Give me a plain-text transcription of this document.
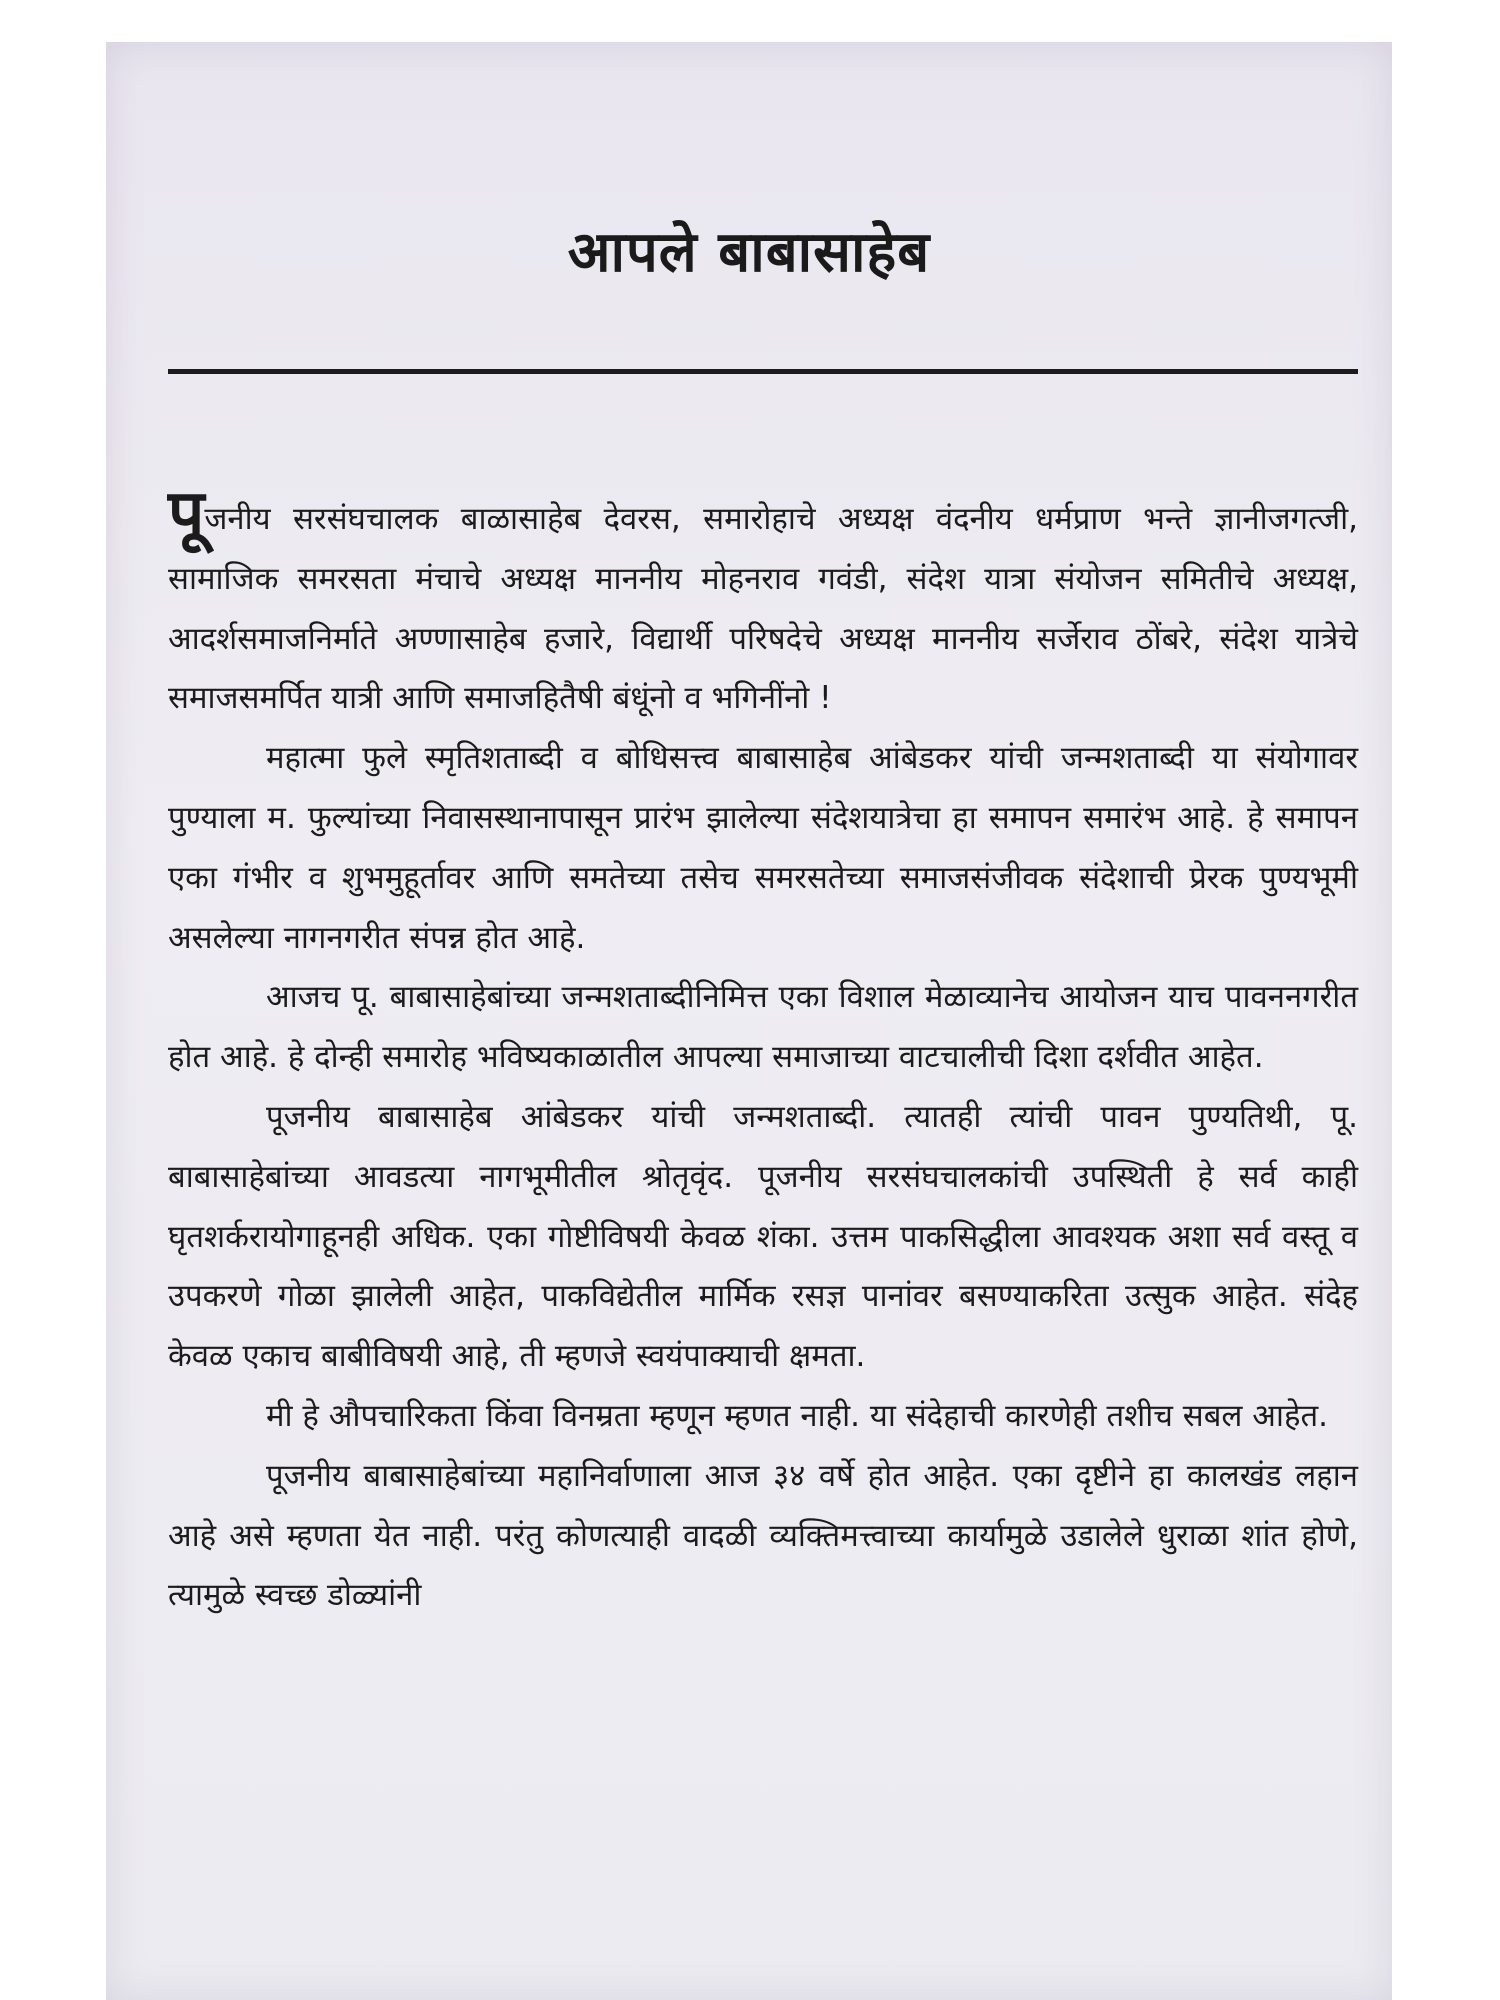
आपले बाबासाहेब

पूजनीय सरसंघचालक बाळासाहेब देवरस, समारोहाचे अध्यक्ष वंदनीय धर्मप्राण भन्ते ज्ञानीजगत्जी, सामाजिक समरसता मंचाचे अध्यक्ष माननीय मोहनराव गवंडी, संदेश यात्रा संयोजन समितीचे अध्यक्ष, आदर्शसमाजनिर्माते अण्णासाहेब हजारे, विद्यार्थी परिषदेचे अध्यक्ष माननीय सर्जेराव ठोंबरे, संदेश यात्रेचे समाजसमर्पित यात्री आणि समाजहितैषी बंधूंनो व भगिनींनो !

महात्मा फुले स्मृतिशताब्दी व बोधिसत्त्व बाबासाहेब आंबेडकर यांची जन्मशताब्दी या संयोगावर पुण्याला म. फुल्यांच्या निवासस्थानापासून प्रारंभ झालेल्या संदेशयात्रेचा हा समापन समारंभ आहे. हे समापन एका गंभीर व शुभमुहूर्तावर आणि समतेच्या तसेच समरसतेच्या समाजसंजीवक संदेशाची प्रेरक पुण्यभूमी असलेल्या नागनगरीत संपन्न होत आहे.

आजच पू. बाबासाहेबांच्या जन्मशताब्दीनिमित्त एका विशाल मेळाव्यानेच आयोजन याच पावननगरीत होत आहे. हे दोन्ही समारोह भविष्यकाळातील आपल्या समाजाच्या वाटचालीची दिशा दर्शवीत आहेत.

पूजनीय बाबासाहेब आंबेडकर यांची जन्मशताब्दी. त्यातही त्यांची पावन पुण्यतिथी, पू. बाबासाहेबांच्या आवडत्या नागभूमीतील श्रोतृवृंद. पूजनीय सरसंघचालकांची उपस्थिती हे सर्व काही घृतशर्करायोगाहूनही अधिक. एका गोष्टीविषयी केवळ शंका. उत्तम पाकसिद्धीला आवश्यक अशा सर्व वस्तू व उपकरणे गोळा झालेली आहेत, पाकविद्येतील मार्मिक रसज्ञ पानांवर बसण्याकरिता उत्सुक आहेत. संदेह केवळ एकाच बाबीविषयी आहे, ती म्हणजे स्वयंपाक्याची क्षमता.

मी हे औपचारिकता किंवा विनम्रता म्हणून म्हणत नाही. या संदेहाची कारणेही तशीच सबल आहेत.

पूजनीय बाबासाहेबांच्या महानिर्वाणाला आज ३४ वर्षे होत आहेत. एका दृष्टीने हा कालखंड लहान आहे असे म्हणता येत नाही. परंतु कोणत्याही वादळी व्यक्तिमत्त्वाच्या कार्यामुळे उडालेले धुराळा शांत होणे, त्यामुळे स्वच्छ डोळ्यांनी
